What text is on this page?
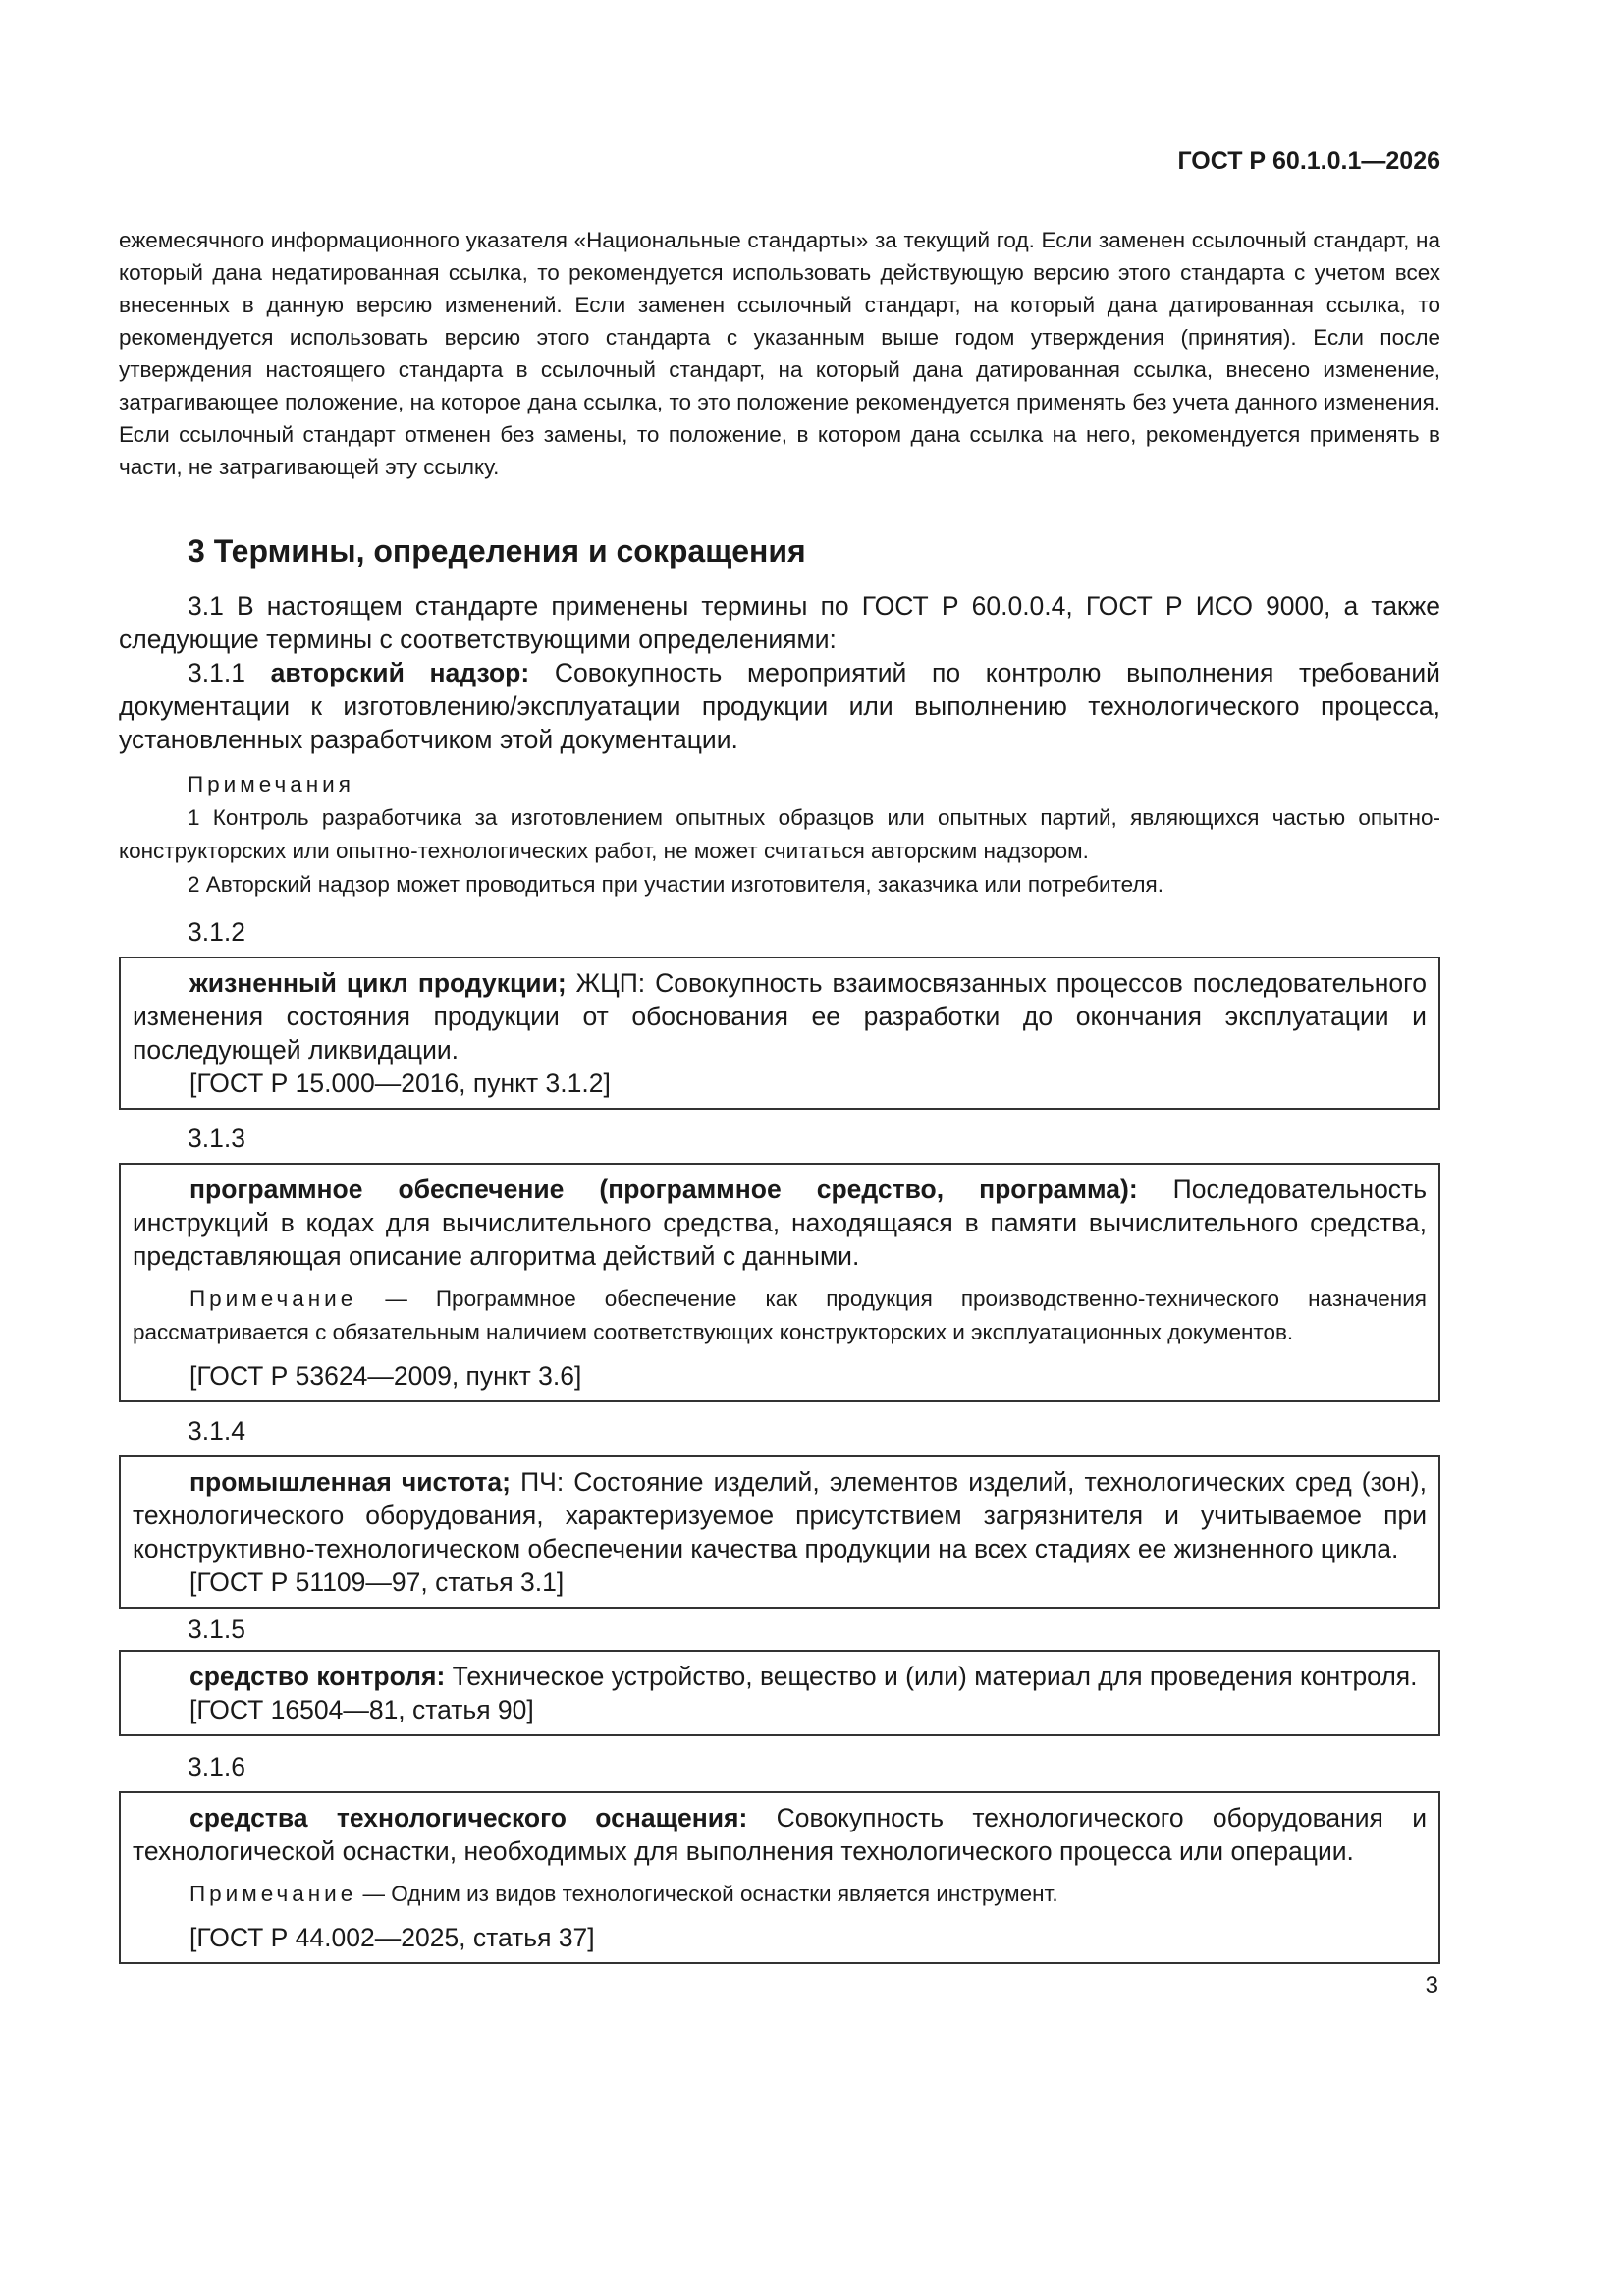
ГОСТ Р 60.1.0.1—2026

ежемесячного информационного указателя «Национальные стандарты» за текущий год. Если заменен ссылочный стандарт, на который дана недатированная ссылка, то рекомендуется использовать действующую версию этого стандарта с учетом всех внесенных в данную версию изменений. Если заменен ссылочный стандарт, на который дана датированная ссылка, то рекомендуется использовать версию этого стандарта с указанным выше годом утверждения (принятия). Если после утверждения настоящего стандарта в ссылочный стандарт, на который дана датированная ссылка, внесено изменение, затрагивающее положение, на которое дана ссылка, то это положение рекомендуется применять без учета данного изменения. Если ссылочный стандарт отменен без замены, то положение, в котором дана ссылка на него, рекомендуется применять в части, не затрагивающей эту ссылку.

3 Термины, определения и сокращения

3.1 В настоящем стандарте применены термины по ГОСТ Р 60.0.0.4, ГОСТ Р ИСО 9000, а также следующие термины с соответствующими определениями:

3.1.1 авторский надзор: Совокупность мероприятий по контролю выполнения требований документации к изготовлению/эксплуатации продукции или выполнению технологического процесса, установленных разработчиком этой документации.

Примечания

1 Контроль разработчика за изготовлением опытных образцов или опытных партий, являющихся частью опытно-конструкторских или опытно-технологических работ, не может считаться авторским надзором.

2 Авторский надзор может проводиться при участии изготовителя, заказчика или потребителя.

3.1.2

жизненный цикл продукции; ЖЦП: Совокупность взаимосвязанных процессов последовательного изменения состояния продукции от обоснования ее разработки до окончания эксплуатации и последующей ликвидации.

[ГОСТ Р 15.000—2016, пункт 3.1.2]
3.1.3

программное обеспечение (программное средство, программа): Последовательность инструкций в кодах для вычислительного средства, находящаяся в памяти вычислительного средства, представляющая описание алгоритма действий с данными.

Примечание — Программное обеспечение как продукция производственно-технического назначения рассматривается с обязательным наличием соответствующих конструкторских и эксплуатационных документов.

[ГОСТ Р 53624—2009, пункт 3.6]
3.1.4

промышленная чистота; ПЧ: Состояние изделий, элементов изделий, технологических сред (зон), технологического оборудования, характеризуемое присутствием загрязнителя и учитываемое при конструктивно-технологическом обеспечении качества продукции на всех стадиях ее жизненного цикла.

[ГОСТ Р 51109—97, статья 3.1]
3.1.5

средство контроля: Техническое устройство, вещество и (или) материал для проведения контроля.

[ГОСТ 16504—81, статья 90]
3.1.6

средства технологического оснащения: Совокупность технологического оборудования и технологической оснастки, необходимых для выполнения технологического процесса или операции.

Примечание — Одним из видов технологической оснастки является инструмент.

[ГОСТ Р 44.002—2025, статья 37]
3
